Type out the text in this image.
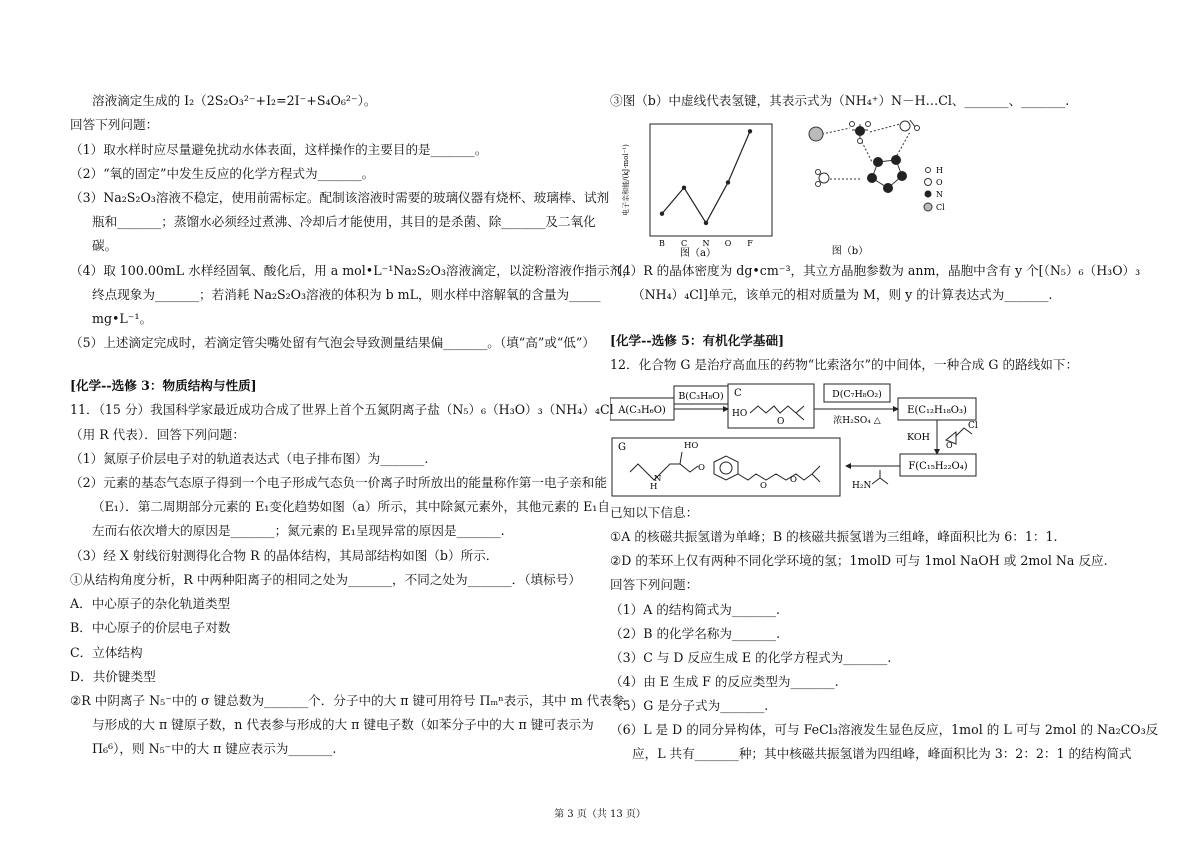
溶液滴定生成的 I₂（2S₂O₃²⁻+I₂=2I⁻+S₄O₆²⁻）。
回答下列问题：
（1）取水样时应尽量避免扰动水体表面，这样操作的主要目的是_______。
（2）“氧的固定”中发生反应的化学方程式为_______。
（3）Na₂S₂O₃溶液不稳定，使用前需标定。配制该溶液时需要的玻璃仪器有烧杯、玻璃棒、试剂
瓶和_______；蒸馏水必须经过煮沸、冷却后才能使用，其目的是杀菌、除_______及二氧化
碳。
（4）取 100.00mL 水样经固氧、酸化后，用 a mol•L⁻¹Na₂S₂O₃溶液滴定，以淀粉溶液作指示剂，
终点现象为_______；若消耗 Na₂S₂O₃溶液的体积为 b mL，则水样中溶解氧的含量为_____
mg•L⁻¹。
（5）上述滴定完成时，若滴定管尖嘴处留有气泡会导致测量结果偏_______。（填“高”或“低”）
[化学--选修 3：物质结构与性质]
11．（15 分）我国科学家最近成功合成了世界上首个五氮阴离子盐（N₅）₆（H₃O）₃（NH₄）₄Cl
（用 R 代表）．回答下列问题：
（1）氮原子价层电子对的轨道表达式（电子排布图）为_______.
（2）元素的基态气态原子得到一个电子形成气态负一价离子时所放出的能量称作第一电子亲和能
（E₁）．第二周期部分元素的 E₁变化趋势如图（a）所示，其中除氮元素外，其他元素的 E₁自
左而右依次增大的原因是_______；氮元素的 E₁呈现异常的原因是_______.
（3）经 X 射线衍射测得化合物 R 的晶体结构，其局部结构如图（b）所示．
①从结构角度分析，R 中两种阳离子的相同之处为_______，不同之处为_______．（填标号）
A．中心原子的杂化轨道类型
B．中心原子的价层电子对数
C．立体结构
D．共价键类型
②R 中阴离子 N₅⁻中的 σ 键总数为_______个．分子中的大 π 键可用符号 Πₘⁿ表示，其中 m 代表参
与形成的大 π 键原子数，n 代表参与形成的大 π 键电子数（如苯分子中的大 π 键可表示为
Π₆⁶），则 N₅⁻中的大 π 键应表示为_______.
③图（b）中虚线代表氢键，其表示式为（NH₄⁺）N－H…Cl、_______、_______.
电子亲和能/(kJ·mol⁻¹)
B C N O F
图（a）
H
O
N
Cl
图（b）
（4）R 的晶体密度为 dg•cm⁻³，其立方晶胞参数为 anm，晶胞中含有 y 个[（N₅）₆（H₃O）₃
（NH₄）₄Cl]单元，该单元的相对质量为 M，则 y 的计算表达式为_______.
[化学--选修 5：有机化学基础]
12．化合物 G 是治疗高血压的药物“比索洛尔”的中间体，一种合成 G 的路线如下：
A(C₃H₆O)
B(C₃H₈O) C
HO
O
D(C₇H₈O₂)
浓H₂SO₄ △
E(C₁₂H₁₈O₃)
KOH
O
Cl
F(C₁₅H₂₂O₄)
H₂N
G	HO
H
N
O
O
O
已知以下信息：
①A 的核磁共振氢谱为单峰；B 的核磁共振氢谱为三组峰，峰面积比为 6：1：1.
②D 的苯环上仅有两种不同化学环境的氢；1molD 可与 1mol NaOH 或 2mol Na 反应.
回答下列问题：
（1）A 的结构简式为_______.
（2）B 的化学名称为_______.
（3）C 与 D 反应生成 E 的化学方程式为_______.
（4）由 E 生成 F 的反应类型为_______.
（5）G 是分子式为_______.
（6）L 是 D 的同分异构体，可与 FeCl₃溶液发生显色反应，1mol 的 L 可与 2mol 的 Na₂CO₃反
应，L 共有_______种；其中核磁共振氢谱为四组峰，峰面积比为 3：2：2：1 的结构简式
第 3 页（共 13 页）
